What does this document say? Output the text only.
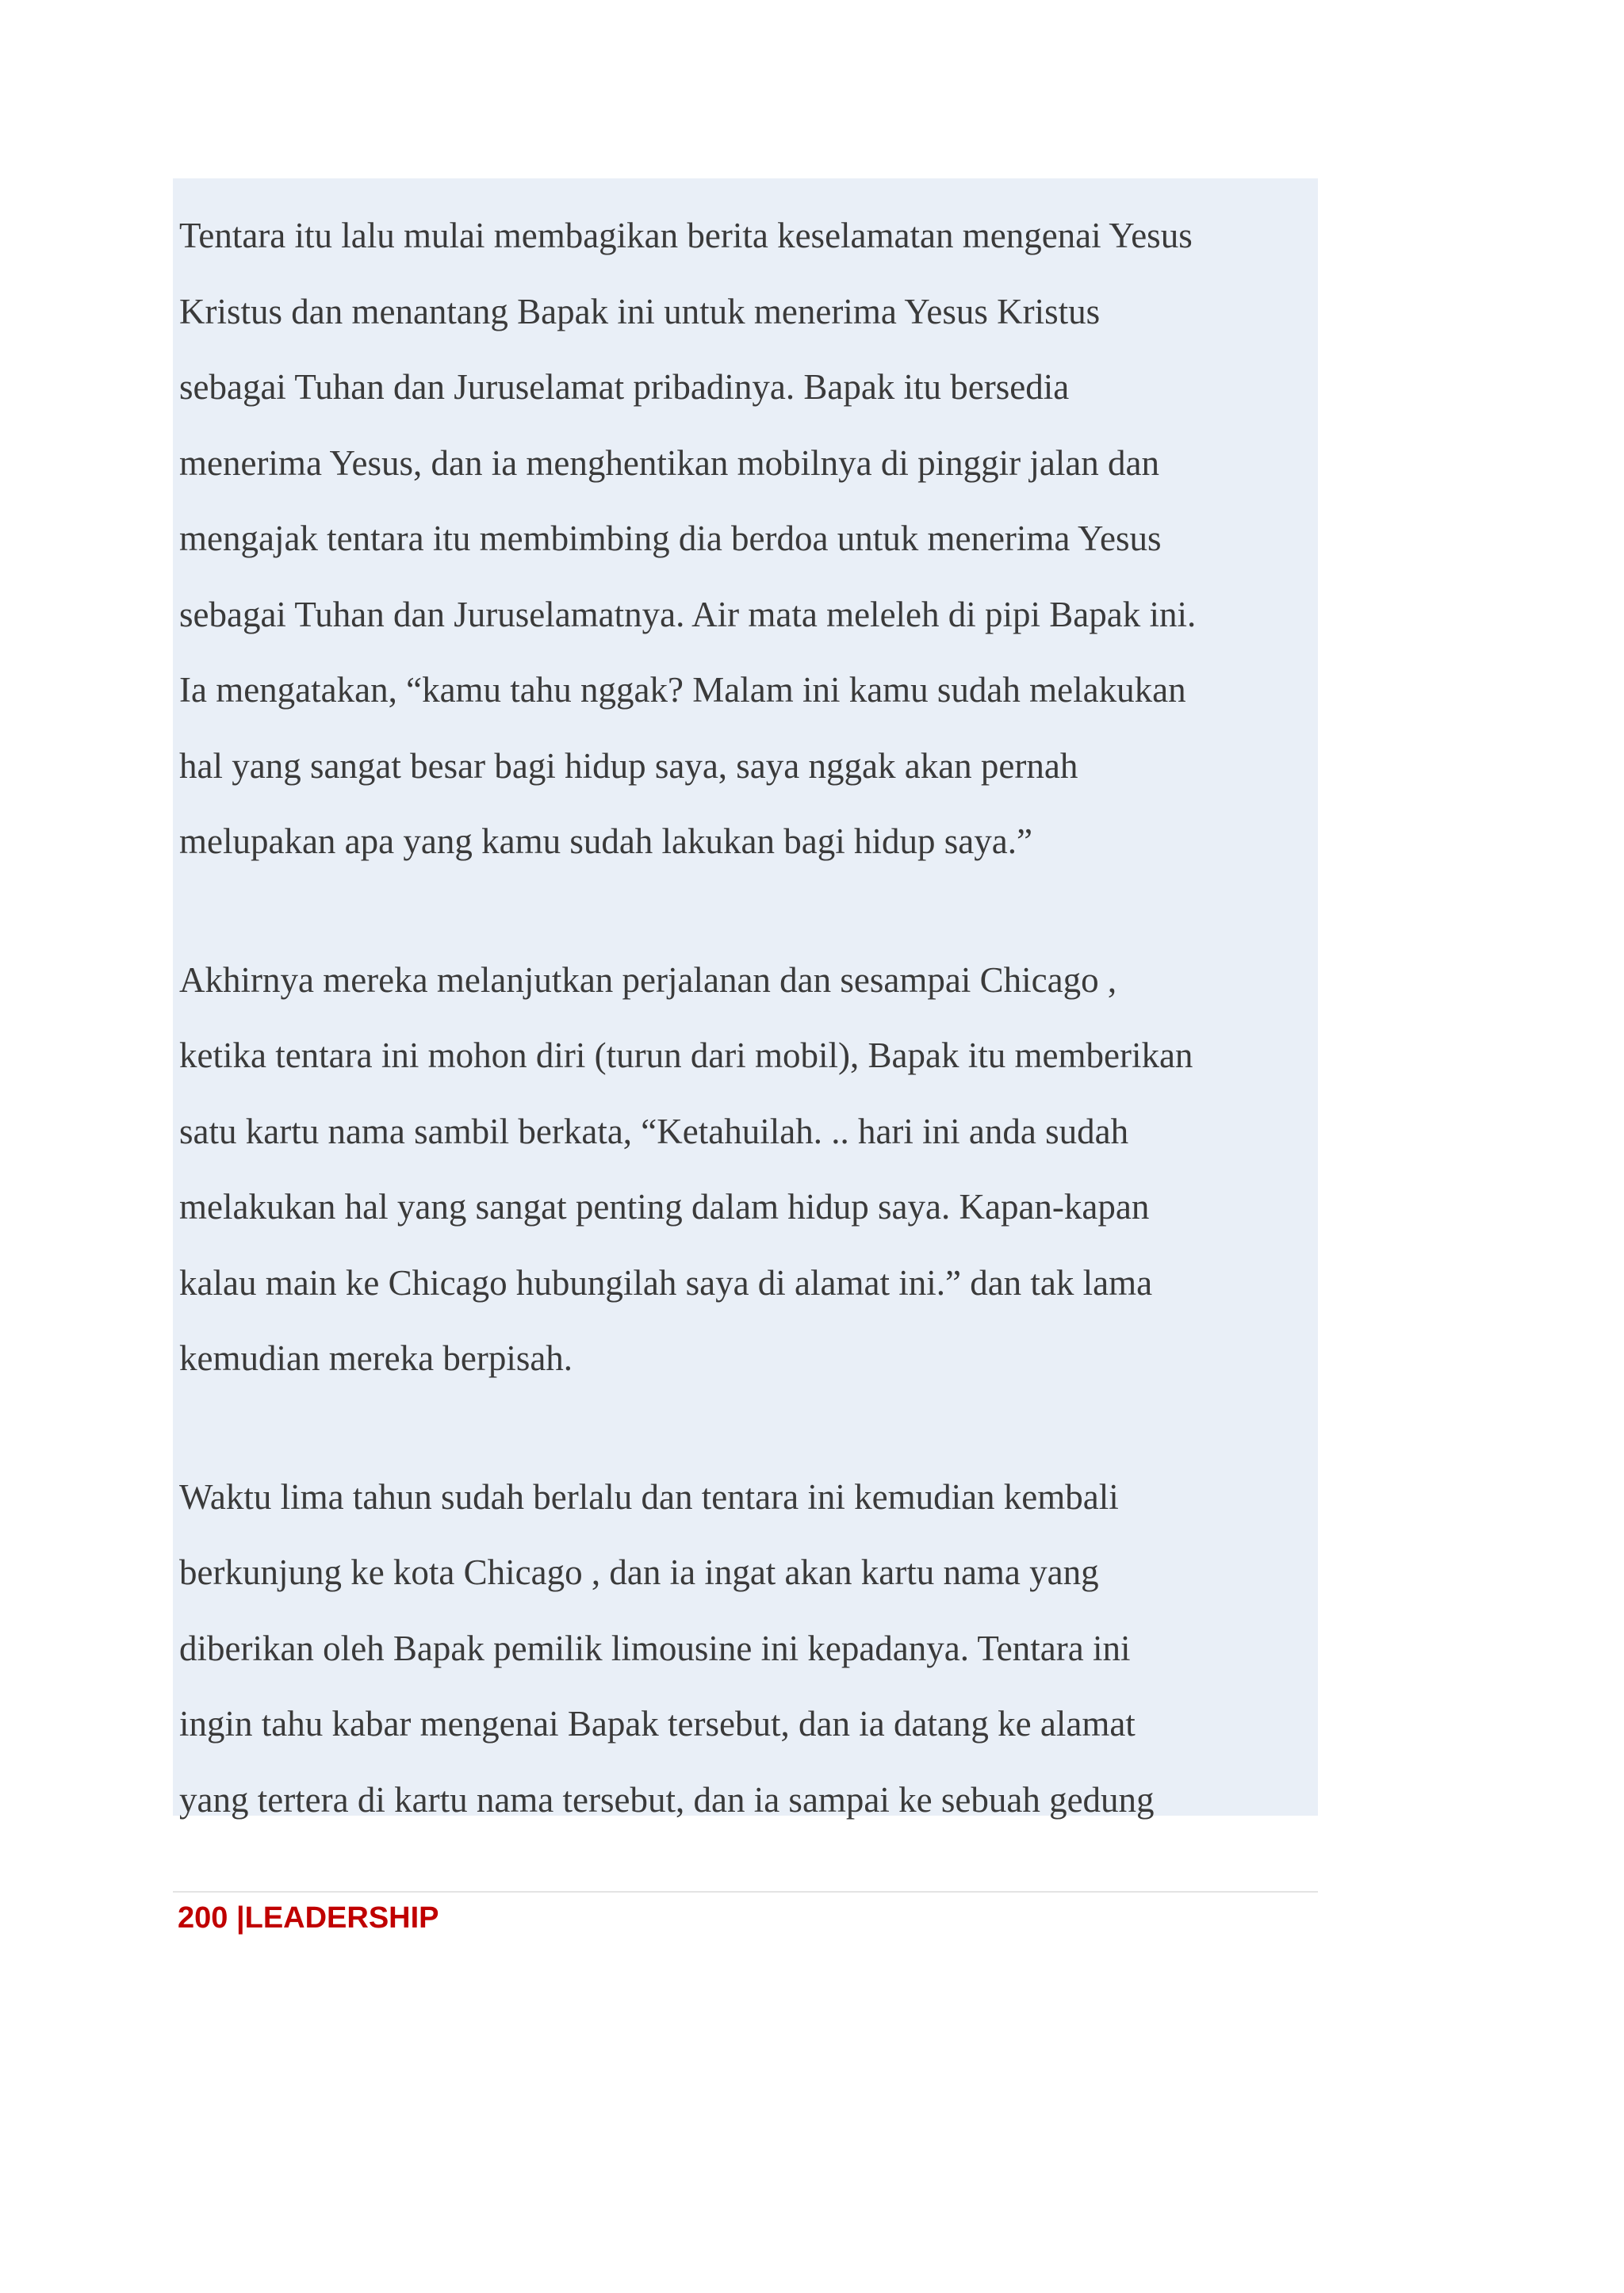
Tentara itu lalu mulai membagikan berita keselamatan mengenai Yesus
Kristus dan menantang Bapak ini untuk menerima Yesus Kristus
sebagai Tuhan dan Juruselamat pribadinya. Bapak itu bersedia
menerima Yesus, dan ia menghentikan mobilnya di pinggir jalan dan
mengajak tentara itu membimbing dia berdoa untuk menerima Yesus
sebagai Tuhan dan Juruselamatnya. Air mata meleleh di pipi Bapak ini.
Ia mengatakan, “kamu tahu nggak? Malam ini kamu sudah melakukan
hal yang sangat besar bagi hidup saya, saya nggak akan pernah
melupakan apa yang kamu sudah lakukan bagi hidup saya.”

Akhirnya mereka melanjutkan perjalanan dan sesampai Chicago ,
ketika tentara ini mohon diri (turun dari mobil), Bapak itu memberikan
satu kartu nama sambil berkata, “Ketahuilah. .. hari ini anda sudah
melakukan hal yang sangat penting dalam hidup saya. Kapan-kapan
kalau main ke Chicago hubungilah saya di alamat ini.” dan tak lama
kemudian mereka berpisah.

Waktu lima tahun sudah berlalu dan tentara ini kemudian kembali
berkunjung ke kota Chicago , dan ia ingat akan kartu nama yang
diberikan oleh Bapak pemilik limousine ini kepadanya. Tentara ini
ingin tahu kabar mengenai Bapak tersebut, dan ia datang ke alamat
yang tertera di kartu nama tersebut, dan ia sampai ke sebuah gedung

200 |LEADERSHIP
